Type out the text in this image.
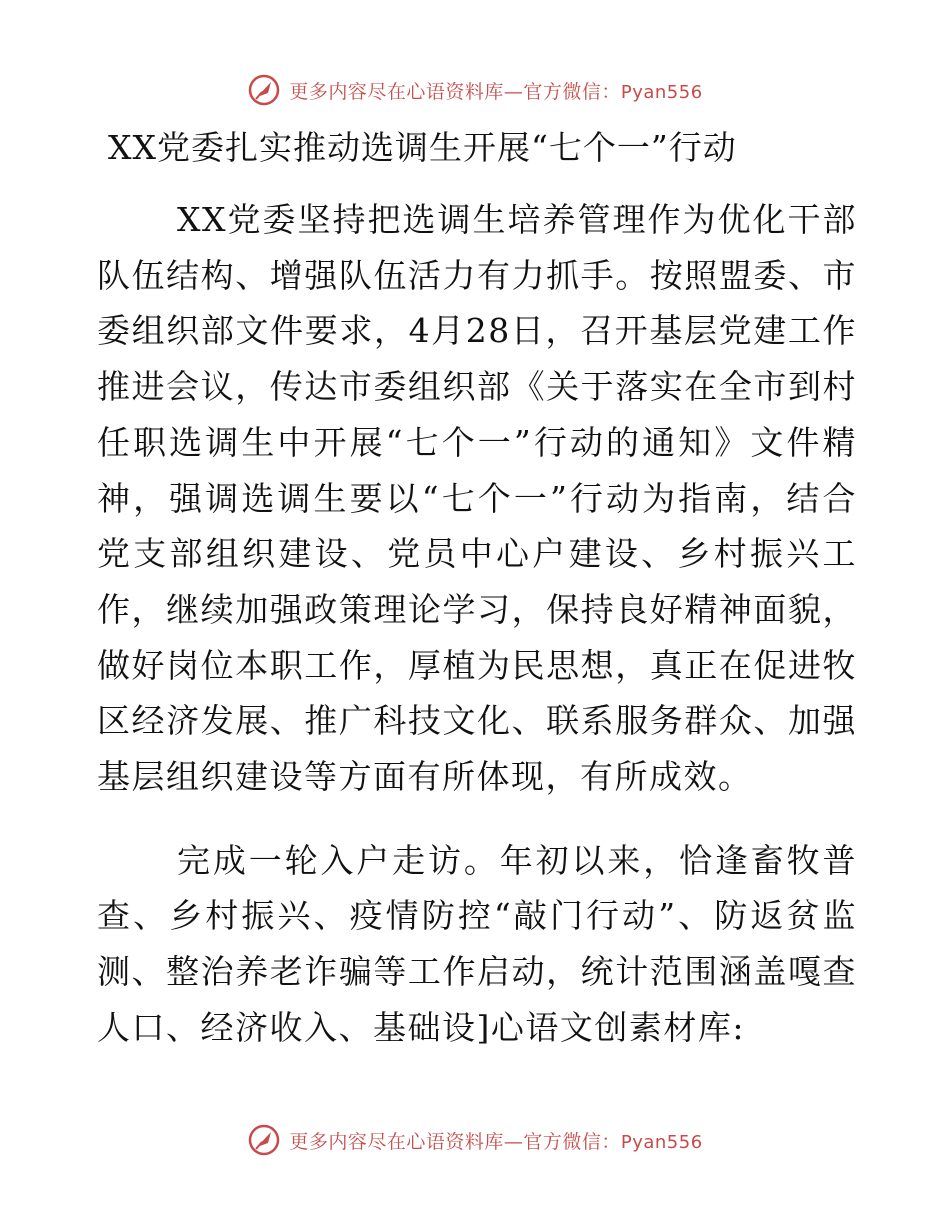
更多内容尽在心语资料库—官方微信：Pyan556
XX党委扎实推动选调生开展“七个一”行动

XX党委坚持把选调生培养管理作为优化干部队伍结构、增强队伍活力有力抓手。按照盟委、市委组织部文件要求，4月28日，召开基层党建工作推进会议，传达市委组织部《关于落实在全市到村任职选调生中开展“七个一”行动的通知》文件精神，强调选调生要以“七个一”行动为指南，结合党支部组织建设、党员中心户建设、乡村振兴工作，继续加强政策理论学习，保持良好精神面貌，做好岗位本职工作，厚植为民思想，真正在促进牧区经济发展、推广科技文化、联系服务群众、加强基层组织建设等方面有所体现，有所成效。

完成一轮入户走访。年初以来，恰逢畜牧普查、乡村振兴、疫情防控“敲门行动”、防返贫监测、整治养老诈骗等工作启动，统计范围涵盖嘎查人口、经济收入、基础设]心语文创素材库:

更多内容尽在心语资料库—官方微信：Pyan556
